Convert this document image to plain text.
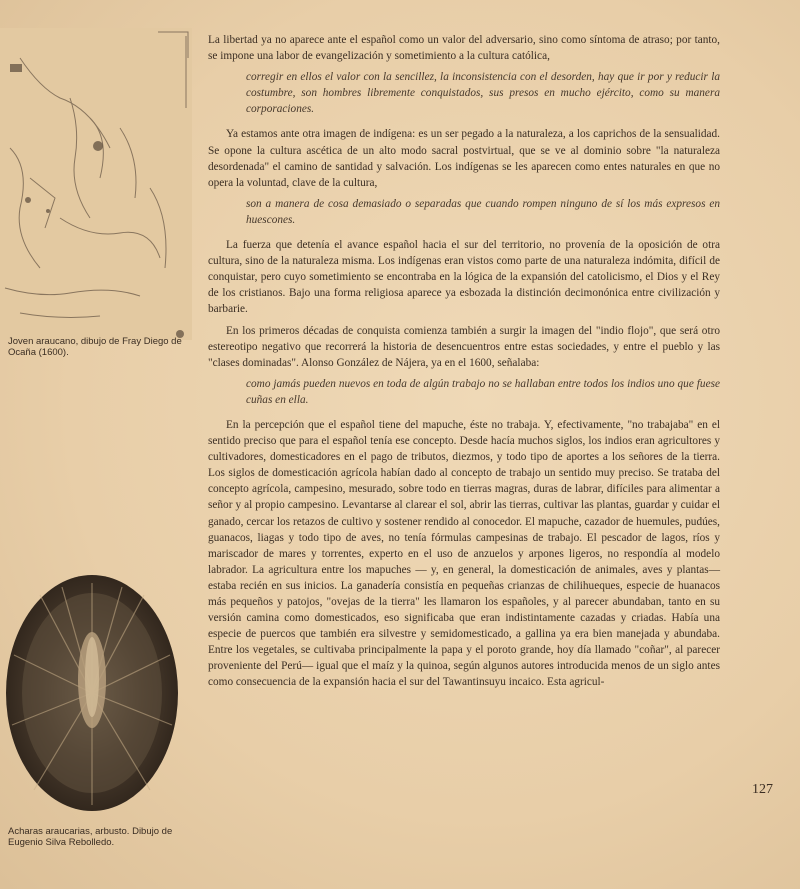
Joven araucano, dibujo de Fray Diego de Ocaña (1600).
Acharas araucarias, arbusto. Dibujo de Eugenio Silva Rebolledo.

La libertad ya no aparece ante el español como un valor del adversario, sino como síntoma de atraso; por tanto, se impone una labor de evangelización y sometimiento a la cultura católica,

corregir en ellos el valor con la sencillez, la inconsistencia con el desorden, hay que ir por y reducir la costumbre, son hombres libremente conquistados, sus presos en mucho ejército, como su manera corporaciones.

Ya estamos ante otra imagen de indígena: es un ser pegado a la naturaleza, a los caprichos de la sensualidad. Se opone la cultura ascética de un alto modo sacral postvirtual, que se ve al dominio sobre "la naturaleza desordenada" el camino de santidad y salvación. Los indígenas se les aparecen como entes naturales en que no opera la voluntad, clave de la cultura,

son a manera de cosa demasiado o separadas que cuando rompen ninguno de sí los más expresos en huescones.

La fuerza que detenía el avance español hacia el sur del territorio, no provenía de la oposición de otra cultura, sino de la naturaleza misma. Los indígenas eran vistos como parte de una naturaleza indómita, difícil de conquistar, pero cuyo sometimiento se encontraba en la lógica de la expansión del catolicismo, el Dios y el Rey de los cristianos. Bajo una forma religiosa aparece ya esbozada la distinción decimonónica entre civilización y barbarie.

En los primeros décadas de conquista comienza también a surgir la imagen del "indio flojo", que será otro estereotipo negativo que recorrerá la historia de desencuentros entre estas sociedades, y entre el pueblo y las "clases dominadas". Alonso González de Nájera, ya en el 1600, señalaba:

como jamás pueden nuevos en toda de algún trabajo no se hallaban entre todos los indios uno que fuese cuñas en ella.

En la percepción que el español tiene del mapuche, éste no trabaja. Y, efectivamente, "no trabajaba" en el sentido preciso que para el español tenía ese concepto. Desde hacía muchos siglos, los indios eran agricultores y cultivadores, domesticadores en el pago de tributos, diezmos, y todo tipo de aportes a los señores de la tierra. Los siglos de domesticación agrícola habían dado al concepto de trabajo un sentido muy preciso. Se trataba del concepto agrícola, campesino, mesurado, sobre todo en tierras magras, duras de labrar, difíciles para alimentar a señor y al propio campesino. Levantarse al clarear el sol, abrir las tierras, cultivar las plantas, guardar y cuidar el ganado, cercar los retazos de cultivo y sostener rendido al conocedor. El mapuche, cazador de huemules, pudúes, guanacos, liagas y todo tipo de aves, no tenía fórmulas campesinas de trabajo. El pescador de lagos, ríos y mariscador de mares y torrentes, experto en el uso de anzuelos y arpones ligeros, no respondía al modelo labrador. La agricultura entre los mapuches — y, en general, la domesticación de animales, aves y plantas— estaba recién en sus inicios. La ganadería consistía en pequeñas crianzas de chilihueques, especie de huanacos más pequeños y patojos, "ovejas de la tierra" les llamaron los españoles, y al parecer abundaban, tanto en su versión camina como domesticados, eso significaba que eran indistintamente cazadas y criadas. Había una especie de puercos que también era silvestre y semidomesticado, a gallina ya era bien manejada y abundaba. Entre los vegetales, se cultivaba principalmente la papa y el poroto grande, hoy día llamado "coñar", al parecer proveniente del Perú— igual que el maíz y la quinoa, según algunos autores introducida menos de un siglo antes como consecuencia de la expansión hacia el sur del Tawantinsuyu incaico. Esta agricul-

127
